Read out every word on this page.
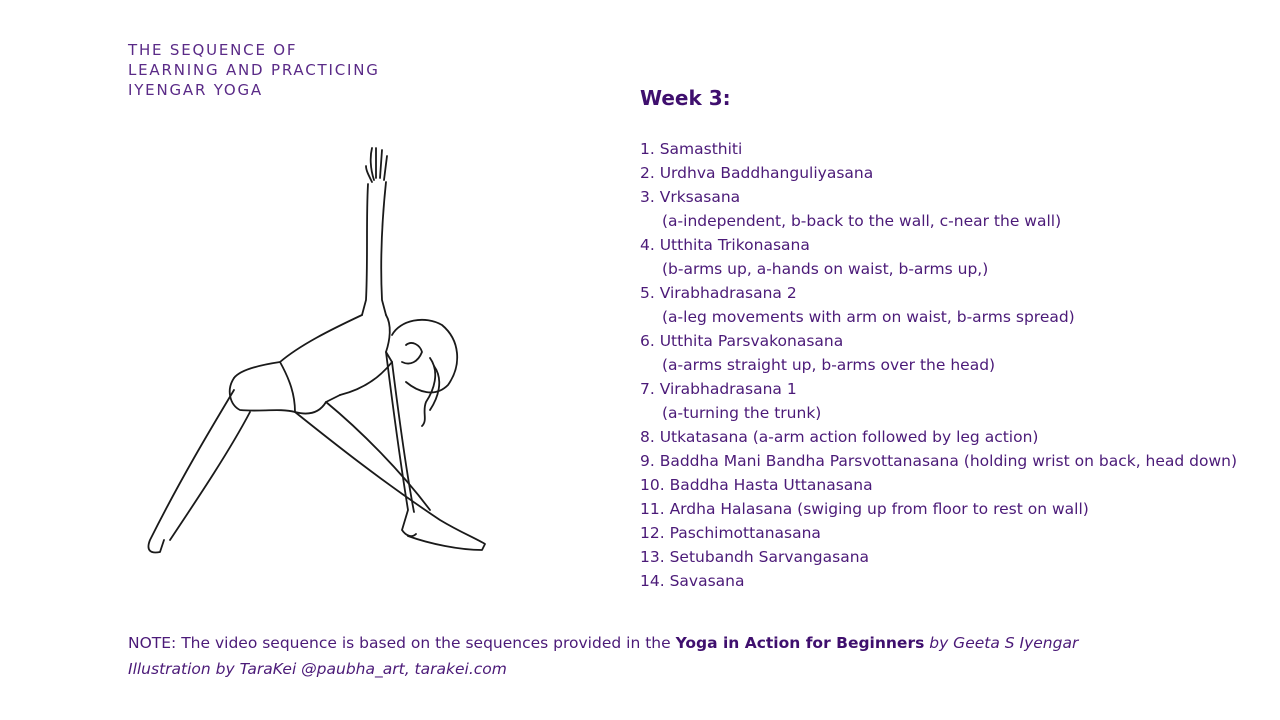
THE SEQUENCE OF
LEARNING AND PRACTICING
IYENGAR YOGA	Week 3:
1. Samasthiti
2. Urdhva Baddhanguliyasana
3. Vrksasana
(a-independent, b-back to the wall, c-near the wall)
4. Utthita Trikonasana
(b-arms up, a-hands on waist, b-arms up,)
5. Virabhadrasana 2
(a-leg movements with arm on waist, b-arms spread)
6. Utthita Parsvakonasana
(a-arms straight up, b-arms over the head)
7. Virabhadrasana 1
(a-turning the trunk)
8. Utkatasana (a-arm action followed by leg action)
9. Baddha Mani Bandha Parsvottanasana (holding wrist on back, head down)
10. Baddha Hasta Uttanasana
11. Ardha Halasana (swiging up from floor to rest on wall)
12. Paschimottanasana
13. Setubandh Sarvangasana
14. Savasana
NOTE: The video sequence is based on the sequences provided in the Yoga in Action for Beginners by Geeta S Iyengar
Illustration by TaraKei @paubha_art, tarakei.com
